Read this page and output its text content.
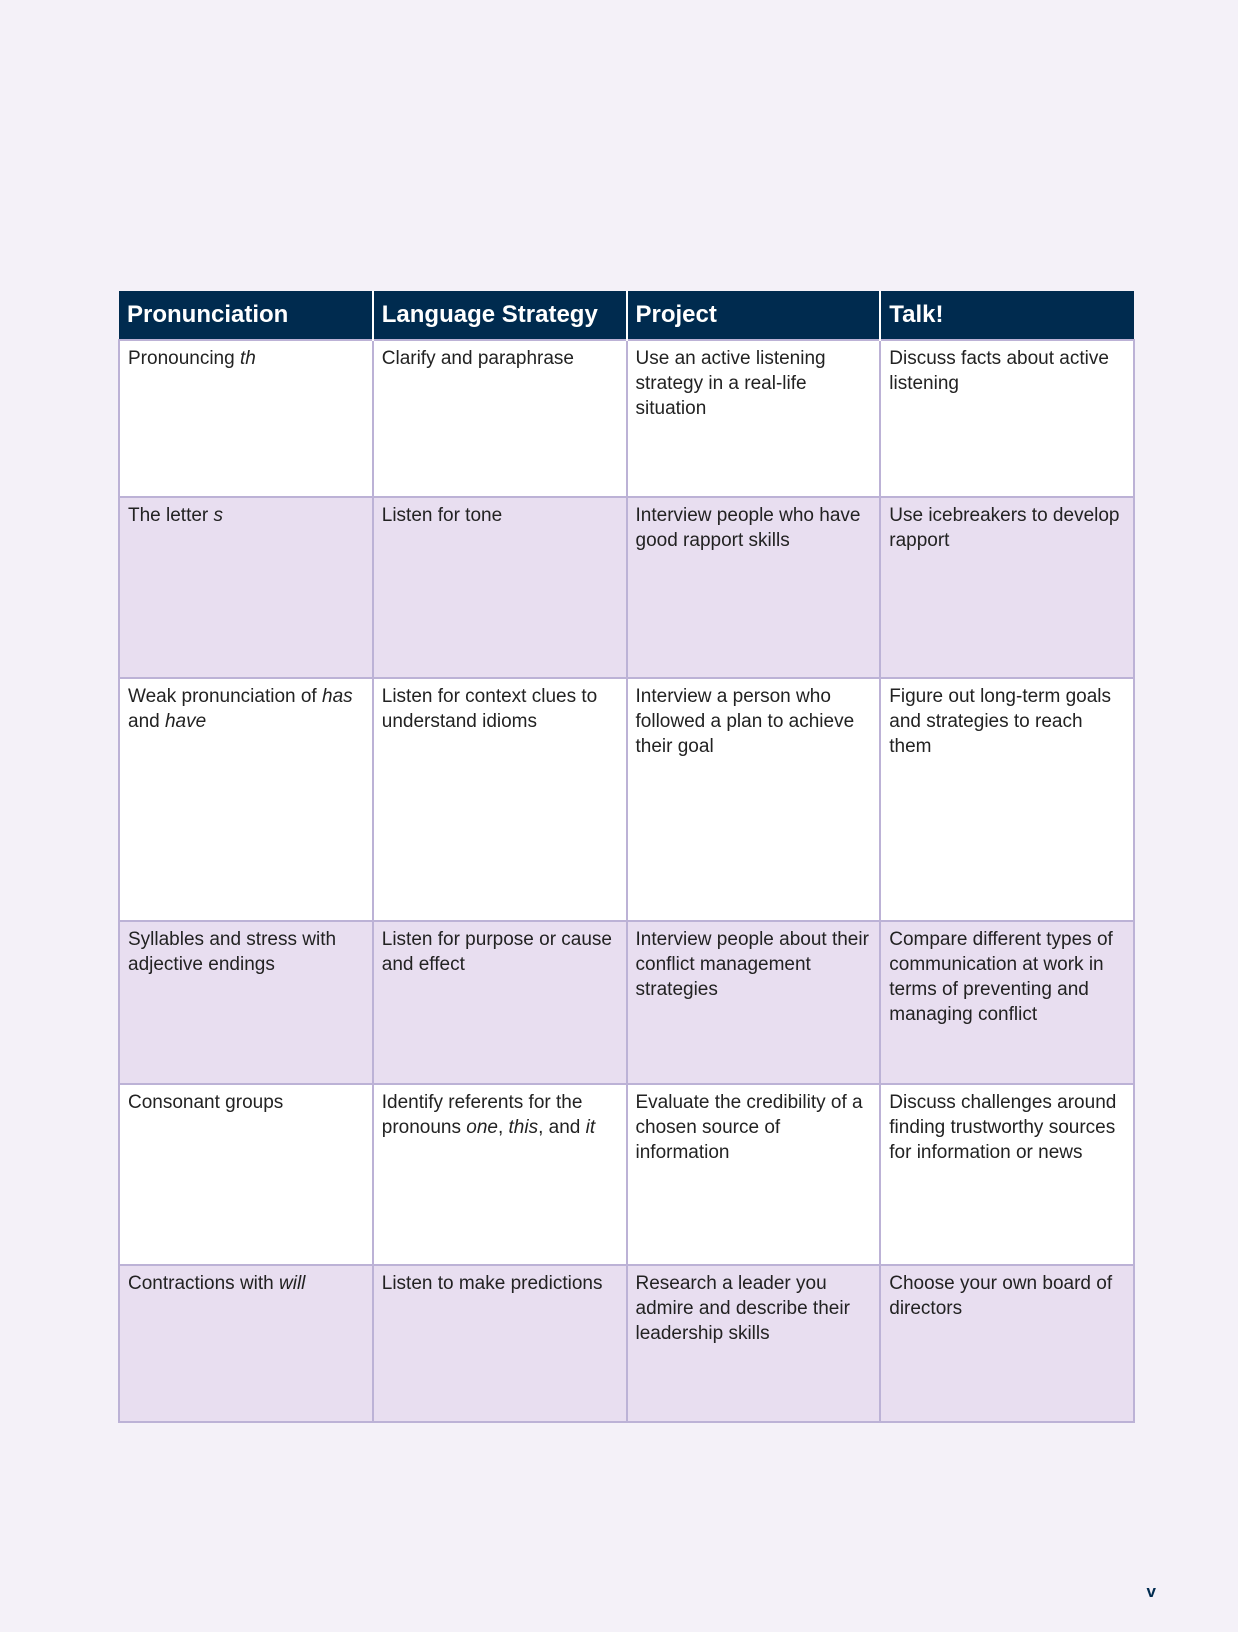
Pronunciation	Language Strategy	Project	Talk!
Pronouncing th	Clarify and paraphrase	Use an active listening strategy in a real-life situation	Discuss facts about active listening
The letter s	Listen for tone	Interview people who have good rapport skills	Use icebreakers to develop rapport
Weak pronunciation of has and have	Listen for context clues to understand idioms	Interview a person who followed a plan to achieve their goal	Figure out long-term goals and strategies to reach them
Syllables and stress with adjective endings	Listen for purpose or cause and effect	Interview people about their conflict management strategies	Compare different types of communication at work in terms of preventing and managing conflict
Consonant groups	Identify referents for the pronouns one, this, and it	Evaluate the credibility of a chosen source of information	Discuss challenges around finding trustworthy sources for information or news
Contractions with will	Listen to make predictions	Research a leader you admire and describe their leadership skills	Choose your own board of directors
v
